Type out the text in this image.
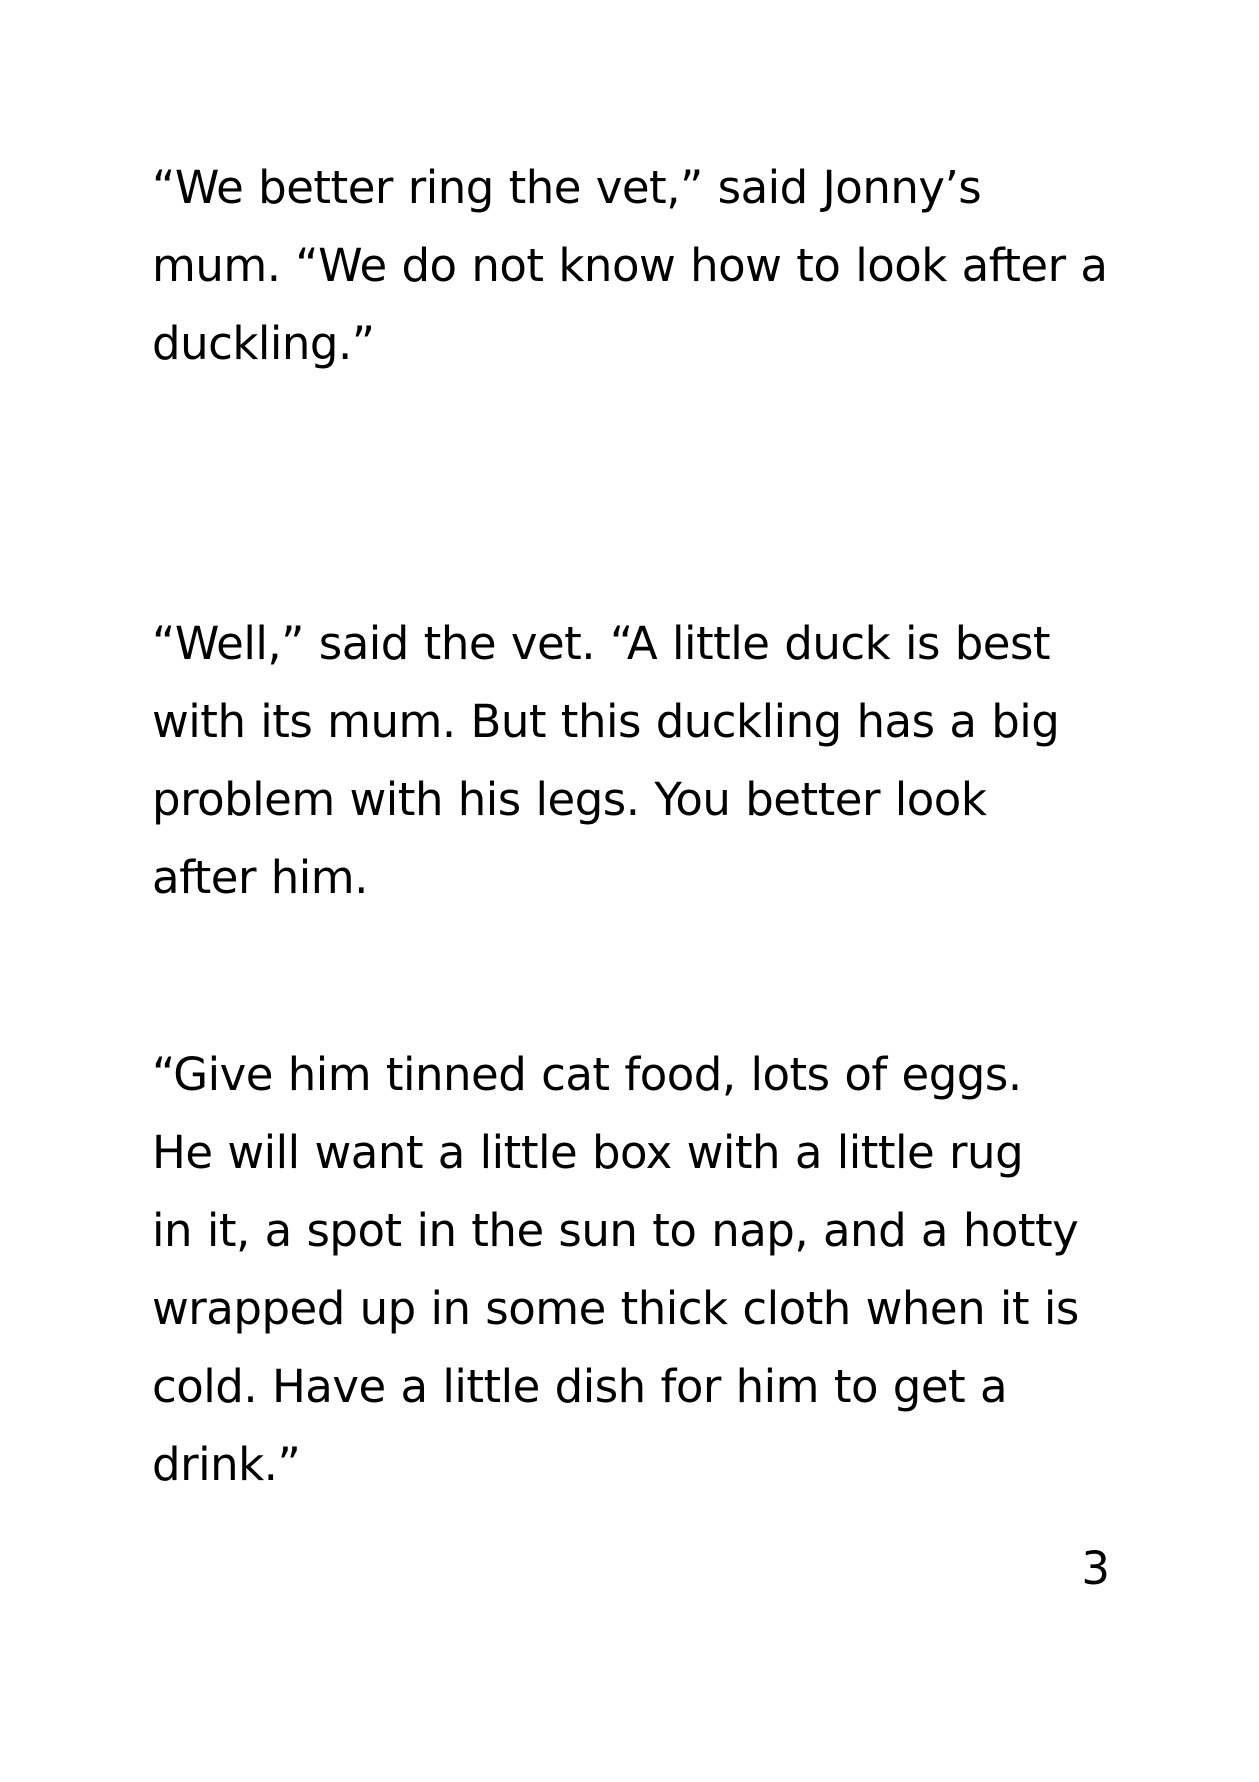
“We better ring the vet,” said Jonny’s
mum. “We do not know how to look after a
duckling.”

“Well,” said the vet. “A little duck is best
with its mum. But this duckling has a big
problem with his legs. You better look
after him.

“Give him tinned cat food, lots of eggs.
He will want a little box with a little rug
in it, a spot in the sun to nap, and a hotty
wrapped up in some thick cloth when it is
cold. Have a little dish for him to get a
drink.”

3
